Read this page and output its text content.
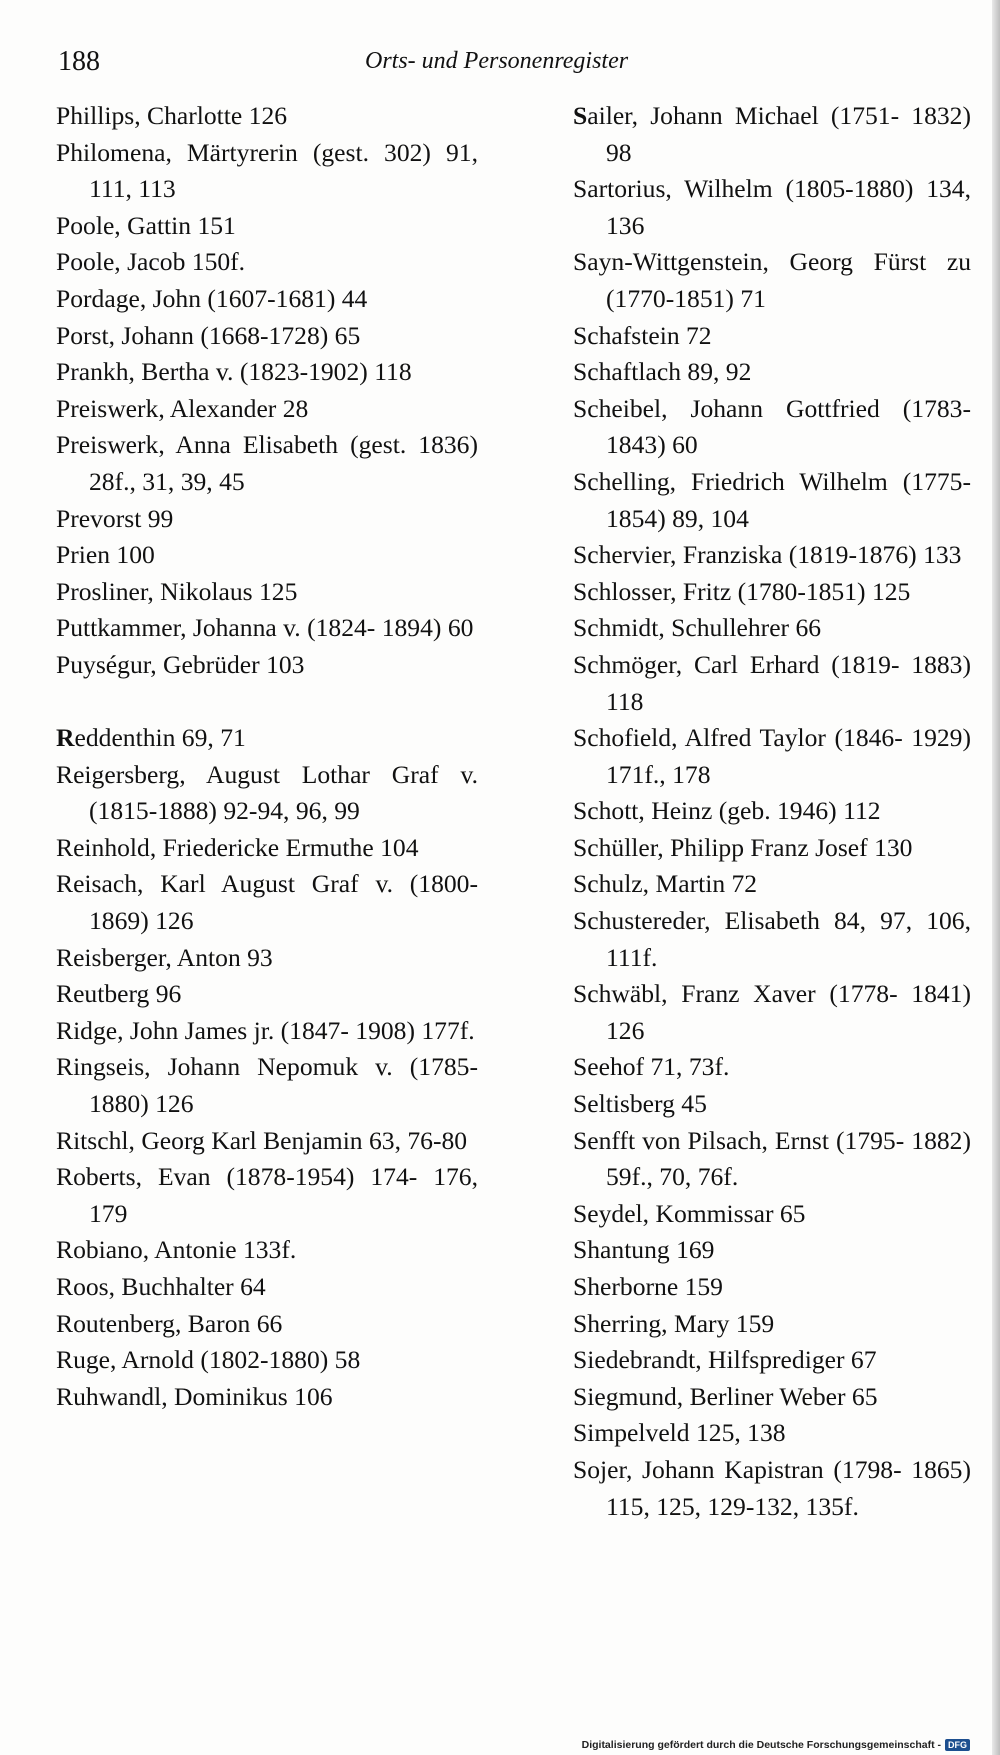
188	Orts- und Personenregister
Phillips, Charlotte 126
Philomena, Märtyrerin (gest. 302) 91, 111, 113
Poole, Gattin 151
Poole, Jacob 150f.
Pordage, John (1607-1681) 44
Porst, Johann (1668-1728) 65
Prankh, Bertha v. (1823-1902) 118
Preiswerk, Alexander 28
Preiswerk, Anna Elisabeth (gest. 1836) 28f., 31, 39, 45
Prevorst 99
Prien 100
Prosliner, Nikolaus 125
Puttkammer, Johanna v. (1824- 1894) 60
Puységur, Gebrüder 103
Reddenthin 69, 71
Reigersberg, August Lothar Graf v. (1815-1888) 92-94, 96, 99
Reinhold, Friedericke Ermuthe 104
Reisach, Karl August Graf v. (1800-1869) 126
Reisberger, Anton 93
Reutberg 96
Ridge, John James jr. (1847- 1908) 177f.
Ringseis, Johann Nepomuk v. (1785-1880) 126
Ritschl, Georg Karl Benjamin 63, 76-80
Roberts, Evan (1878-1954) 174- 176, 179
Robiano, Antonie 133f.
Roos, Buchhalter 64
Routenberg, Baron 66
Ruge, Arnold (1802-1880) 58
Ruhwandl, Dominikus 106
Sailer, Johann Michael (1751- 1832) 98
Sartorius, Wilhelm (1805-1880) 134, 136
Sayn-Wittgenstein, Georg Fürst zu (1770-1851) 71
Schafstein 72
Schaftlach 89, 92
Scheibel, Johann Gottfried (1783- 1843) 60
Schelling, Friedrich Wilhelm (1775-1854) 89, 104
Schervier, Franziska (1819-1876) 133
Schlosser, Fritz (1780-1851) 125
Schmidt, Schullehrer 66
Schmöger, Carl Erhard (1819- 1883) 118
Schofield, Alfred Taylor (1846- 1929) 171f., 178
Schott, Heinz (geb. 1946) 112
Schüller, Philipp Franz Josef 130
Schulz, Martin 72
Schustereder, Elisabeth 84, 97, 106, 111f.
Schwäbl, Franz Xaver (1778- 1841) 126
Seehof 71, 73f.
Seltisberg 45
Senfft von Pilsach, Ernst (1795- 1882) 59f., 70, 76f.
Seydel, Kommissar 65
Shantung 169
Sherborne 159
Sherring, Mary 159
Siedebrandt, Hilfsprediger 67
Siegmund, Berliner Weber 65
Simpelveld 125, 138
Sojer, Johann Kapistran (1798- 1865) 115, 125, 129-132, 135f.
Digitalisierung gefördert durch die Deutsche Forschungsgemeinschaft - DFG
